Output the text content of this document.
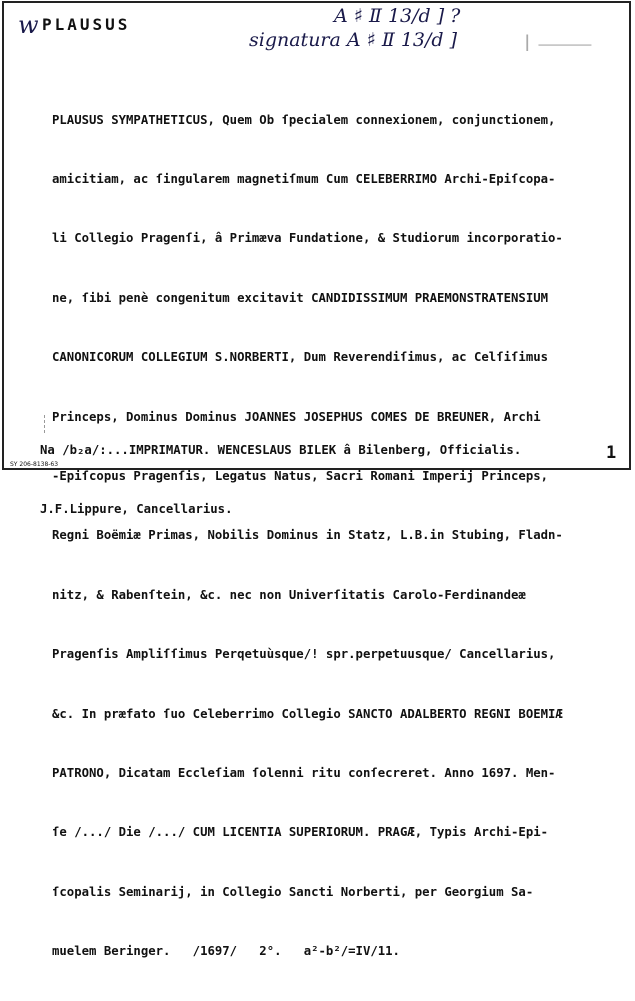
w PLAUSUS	A ♯ Ⅱ 13/d ] ?
signatura A ♯ Ⅱ 13/d ]	ǀ ⸻

PLAUSUS SYMPATHETICUS, Quem Ob ſpecialem connexionem, conjunctionem,

amicitiam, ac ſingularem magnetiſmum Cum CELEBERRIMO Archi-Epiſcopa-

li Collegio Pragenſi, â Primæva Fundatione, & Studiorum incorporatio-

ne, ſibi penè congenitum excitavit CANDIDISSIMUM PRAEMONSTRATENSIUM

CANONICORUM COLLEGIUM S.NORBERTI, Dum Reverendiſimus, ac Celſiſimus

Princeps, Dominus Dominus JOANNES JOSEPHUS COMES DE BREUNER, Archi

-Epiſcopus Pragenſis, Legatus Natus, Sacri Romani Imperij Princeps,

Regni Boëmiæ Primas, Nobilis Dominus in Statz, L.B.in Stubing, Fladn-

nitz, & Rabenſtein, &c. nec non Univerſitatis Carolo-Ferdinandeæ

Pragenſis Ampliſſimus Perqetuùsque/! spr.perpetuusque/ Cancellarius,

&c. In præfato ſuo Celeberrimo Collegio SANCTO ADALBERTO REGNI BOEMIÆ

PATRONO, Dicatam Eccleſiam ſolenni ritu conſecreret. Anno 1697. Men-

ſe /.../ Die /.../ CUM LICENTIA SUPERIORUM. PRAGÆ, Typis Archi-Epi-

ſcopalis Seminarij, in Collegio Sancti Norberti, per Georgium Sa-

muelem Beringer.   /1697/   2°.   a²-b²/=IV/11.

Na /b₂a/:...IMPRIMATUR. WENCESLAUS BILEK â Bilenberg, Officialis.

J.F.Lippure, Cancellarius.

1
SY 206-8138-63
